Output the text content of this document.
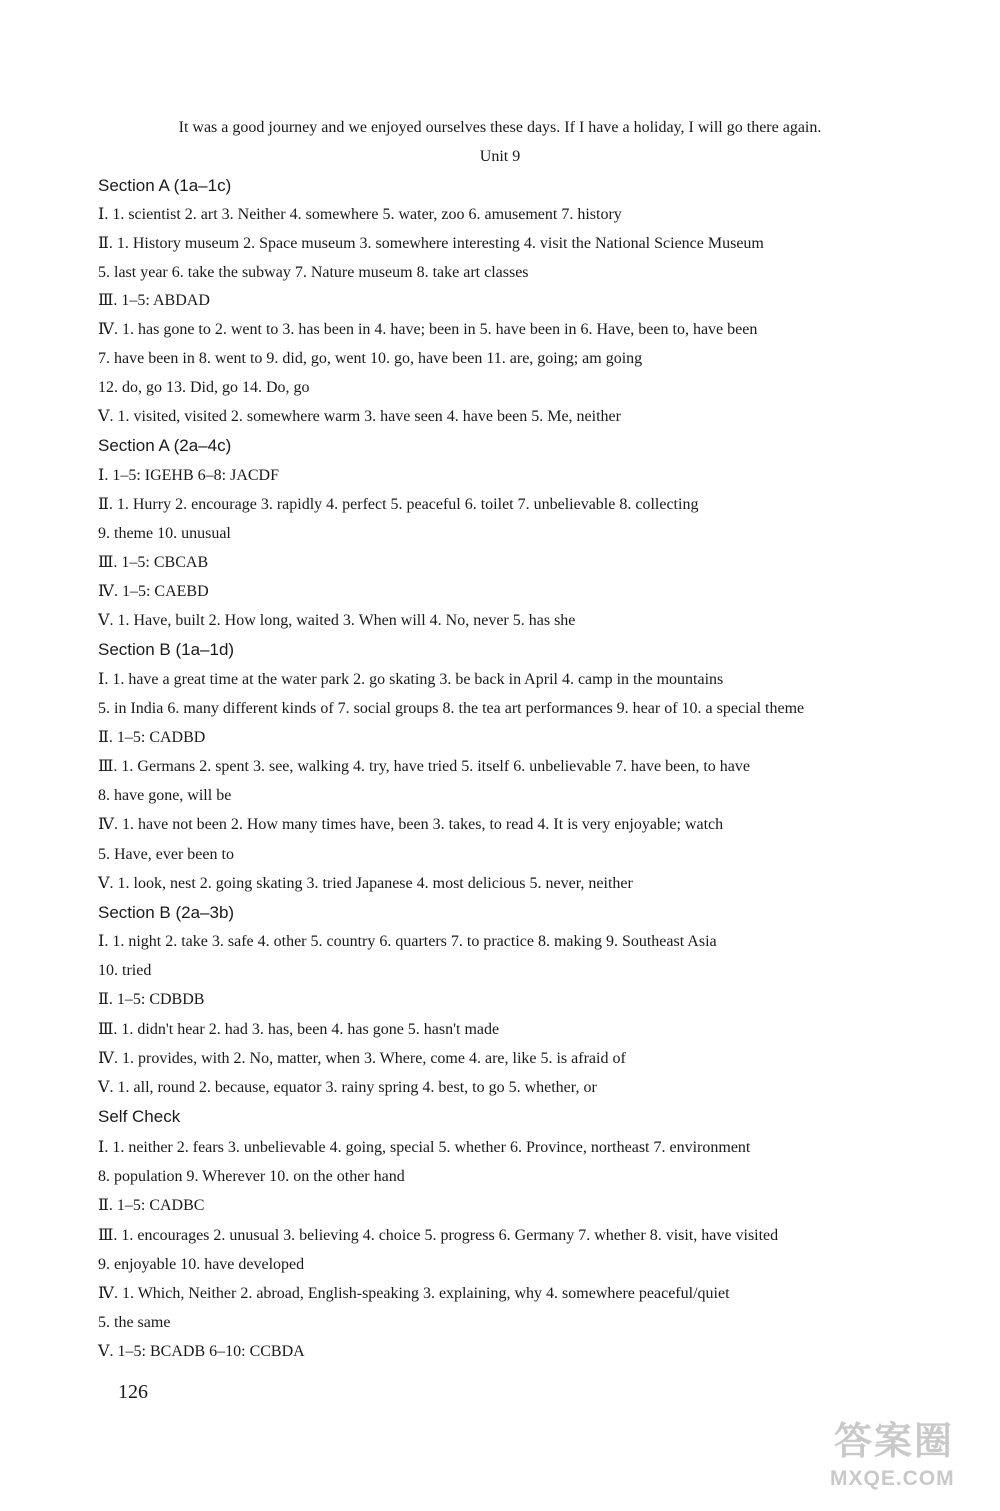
It was a good journey and we enjoyed ourselves these days. If I have a holiday, I will go there again.
Unit 9
Section A (1a–1c)
Ⅰ. 1. scientist 2. art 3. Neither 4. somewhere 5. water, zoo 6. amusement 7. history
Ⅱ. 1. History museum 2. Space museum 3. somewhere interesting 4. visit the National Science Museum
5. last year 6. take the subway 7. Nature museum 8. take art classes
Ⅲ. 1–5: ABDAD
Ⅳ. 1. has gone to 2. went to 3. has been in 4. have; been in 5. have been in 6. Have, been to, have been
7. have been in 8. went to 9. did, go, went 10. go, have been 11. are, going; am going
12. do, go 13. Did, go 14. Do, go
Ⅴ. 1. visited, visited 2. somewhere warm 3. have seen 4. have been 5. Me, neither
Section A (2a–4c)
Ⅰ. 1–5: IGEHB 6–8: JACDF
Ⅱ. 1. Hurry 2. encourage 3. rapidly 4. perfect 5. peaceful 6. toilet 7. unbelievable 8. collecting
9. theme 10. unusual
Ⅲ. 1–5: CBCAB
Ⅳ. 1–5: CAEBD
Ⅴ. 1. Have, built 2. How long, waited 3. When will 4. No, never 5. has she
Section B (1a–1d)
Ⅰ. 1. have a great time at the water park 2. go skating 3. be back in April 4. camp in the mountains
5. in India 6. many different kinds of 7. social groups 8. the tea art performances 9. hear of 10. a special theme
Ⅱ. 1–5: CADBD
Ⅲ. 1. Germans 2. spent 3. see, walking 4. try, have tried 5. itself 6. unbelievable 7. have been, to have
8. have gone, will be
Ⅳ. 1. have not been 2. How many times have, been 3. takes, to read 4. It is very enjoyable; watch
5. Have, ever been to
Ⅴ. 1. look, nest 2. going skating 3. tried Japanese 4. most delicious 5. never, neither
Section B (2a–3b)
Ⅰ. 1. night 2. take 3. safe 4. other 5. country 6. quarters 7. to practice 8. making 9. Southeast Asia
10. tried
Ⅱ. 1–5: CDBDB
Ⅲ. 1. didn't hear 2. had 3. has, been 4. has gone 5. hasn't made
Ⅳ. 1. provides, with 2. No, matter, when 3. Where, come 4. are, like 5. is afraid of
Ⅴ. 1. all, round 2. because, equator 3. rainy spring 4. best, to go 5. whether, or
Self Check
Ⅰ. 1. neither 2. fears 3. unbelievable 4. going, special 5. whether 6. Province, northeast 7. environment
8. population 9. Wherever 10. on the other hand
Ⅱ. 1–5: CADBC
Ⅲ. 1. encourages 2. unusual 3. believing 4. choice 5. progress 6. Germany 7. whether 8. visit, have visited
9. enjoyable 10. have developed
Ⅳ. 1. Which, Neither 2. abroad, English-speaking 3. explaining, why 4. somewhere peaceful/quiet
5. the same
Ⅴ. 1–5: BCADB 6–10: CCBDA
126
答案圈
MXQE.COM
